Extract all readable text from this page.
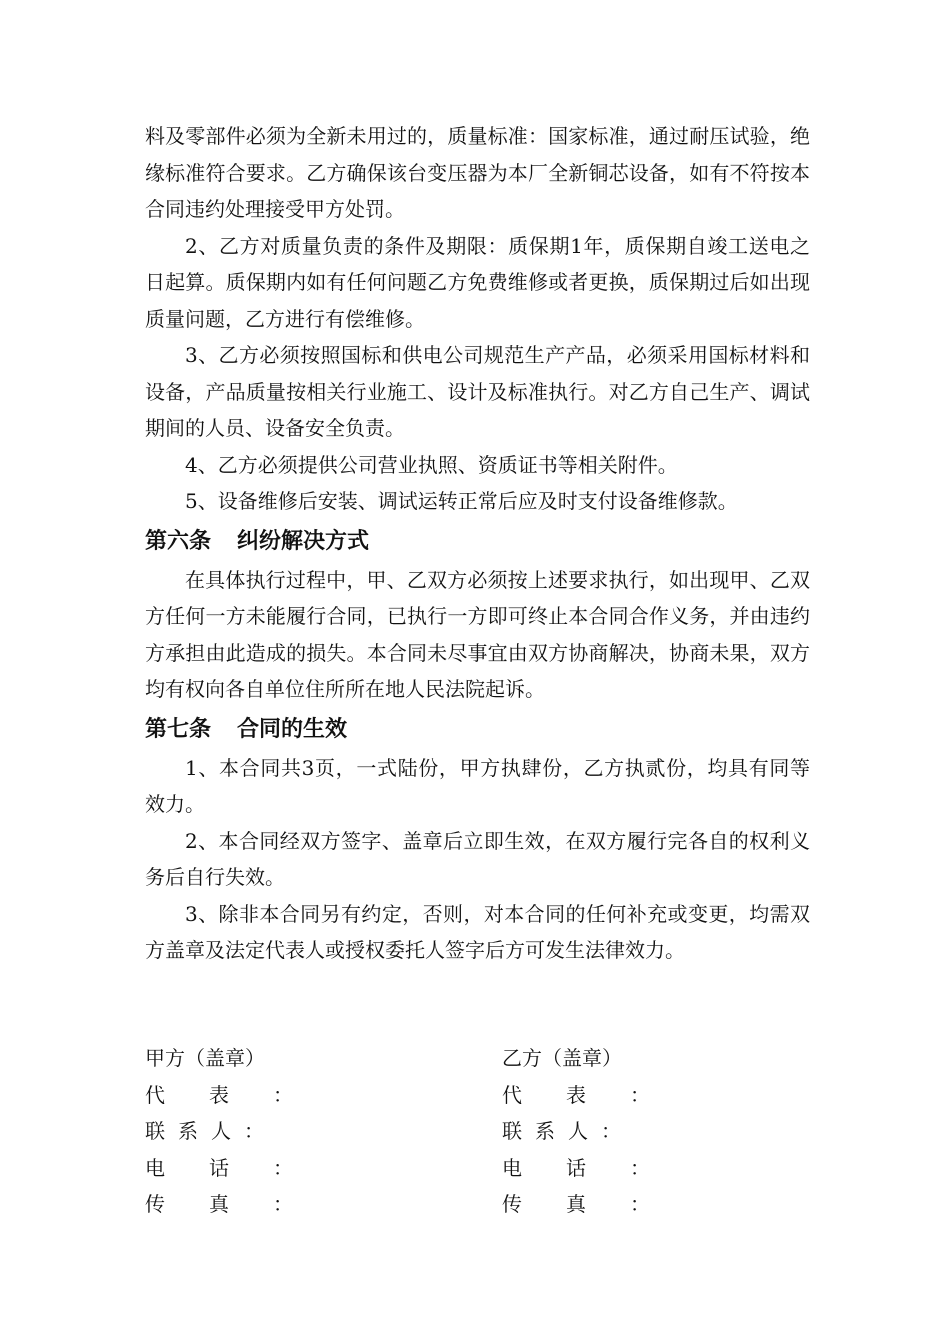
料及零部件必须为全新未用过的，质量标准：国家标准，通过耐压试验，绝缘标准符合要求。乙方确保该台变压器为本厂全新铜芯设备，如有不符按本合同违约处理接受甲方处罚。

2、乙方对质量负责的条件及期限：质保期1年，质保期自竣工送电之日起算。质保期内如有任何问题乙方免费维修或者更换，质保期过后如出现质量问题，乙方进行有偿维修。

3、乙方必须按照国标和供电公司规范生产产品，必须采用国标材料和设备，产品质量按相关行业施工、设计及标准执行。对乙方自己生产、调试期间的人员、设备安全负责。

4、乙方必须提供公司营业执照、资质证书等相关附件。

5、设备维修后安装、调试运转正常后应及时支付设备维修款。

第六条 纠纷解决方式

在具体执行过程中，甲、乙双方必须按上述要求执行，如出现甲、乙双方任何一方未能履行合同，已执行一方即可终止本合同合作义务，并由违约方承担由此造成的损失。本合同未尽事宜由双方协商解决，协商未果，双方均有权向各自单位住所所在地人民法院起诉。

第七条 合同的生效

1、本合同共3页，一式陆份，甲方执肆份，乙方执贰份，均具有同等效力。

2、本合同经双方签字、盖章后立即生效，在双方履行完各自的权利义务后自行失效。

3、除非本合同另有约定，否则，对本合同的任何补充或变更，均需双方盖章及法定代表人或授权委托人签字后方可发生法律效力。

甲方（盖章）	乙方（盖章）
代表：	代表：
联系人：	联系人：
电话：	电话：
传真：	传真：
